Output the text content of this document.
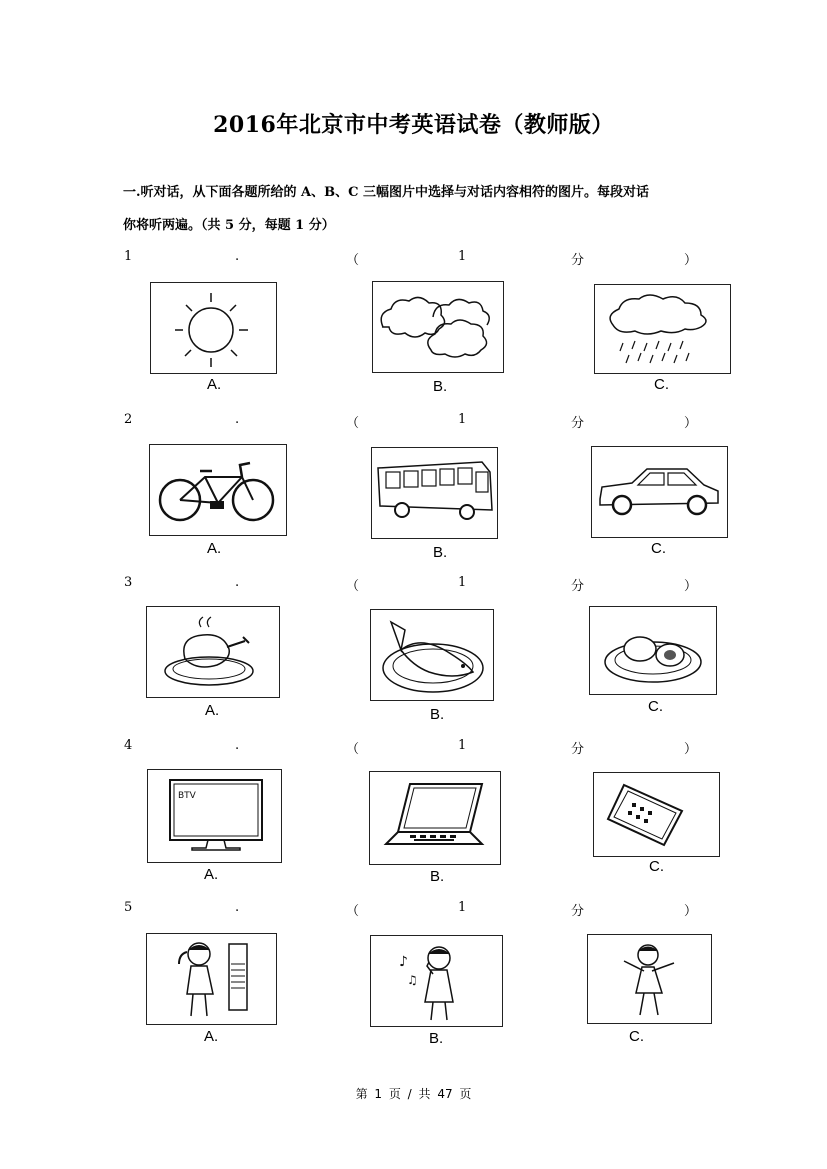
2016年北京市中考英语试卷（教师版）
一.听对话，从下面各题所给的 A、B、C 三幅图片中选择与对话内容相符的图片。每段对话
你将听两遍。（共 5 分，每题 1 分）
1	.	（	1	分	）
A.	B.	C.
2	.	（	1	分	）
A.	B.	C.
3	.	（	1	分	）
A.	B.	C.
4	.	（	1	分	）
BTV
A.	B.
C.
5	.	（	1	分	）
A.
♪
♫
B.	C.
第 1 页 / 共 47 页
